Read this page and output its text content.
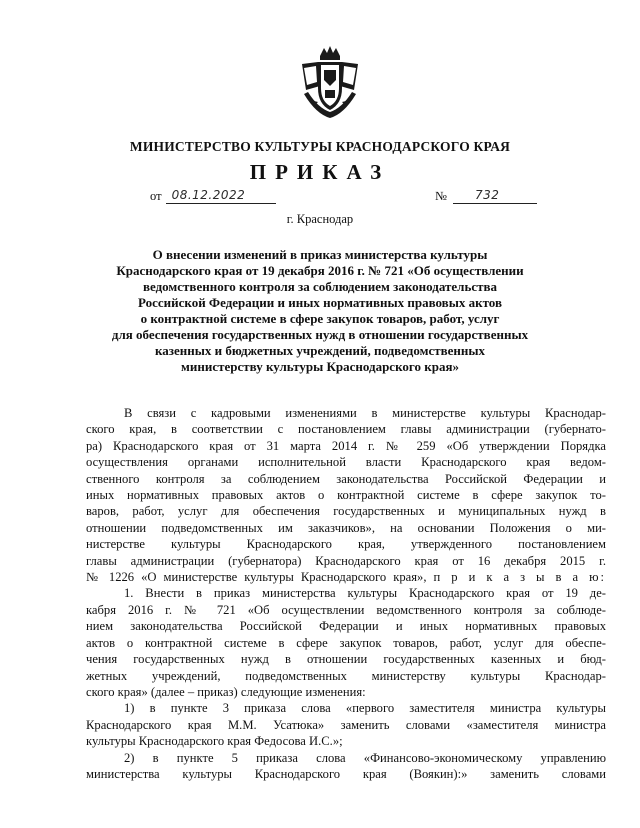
МИНИСТЕРСТВО КУЛЬТУРЫ КРАСНОДАРСКОГО КРАЯ
ПРИКАЗ
от 08.12.2022	№ 732
г. Краснодар
О внесении изменений в приказ министерства культуры
Краснодарского края от 19 декабря 2016 г. № 721 «Об осуществлении
ведомственного контроля за соблюдением законодательства
Российской Федерации и иных нормативных правовых актов
о контрактной системе в сфере закупок товаров, работ, услуг
для обеспечения государственных нужд в отношении государственных
казенных и бюджетных учреждений, подведомственных
министерству культуры Краснодарского края»
В связи с кадровыми изменениями в министерстве культуры Краснодар-
ского края, в соответствии с постановлением главы администрации (губернато-
ра) Краснодарского края от 31 марта 2014 г. № 259 «Об утверждении Порядка
осуществления органами исполнительной власти Краснодарского края ведом-
ственного контроля за соблюдением законодательства Российской Федерации и
иных нормативных правовых актов о контрактной системе в сфере закупок то-
варов, работ, услуг для обеспечения государственных и муниципальных нужд в
отношении подведомственных им заказчиков», на основании Положения о ми-
нистерстве культуры Краснодарского края, утвержденного постановлением
главы администрации (губернатора) Краснодарского края от 16 декабря 2015 г.
№ 1226 «О министерстве культуры Краснодарского края», п р и к а з ы в а ю:
1. Внести в приказ министерства культуры Краснодарского края от 19 де-
кабря 2016 г. № 721 «Об осуществлении ведомственного контроля за соблюде-
нием законодательства Российской Федерации и иных нормативных правовых
актов о контрактной системе в сфере закупок товаров, работ, услуг для обеспе-
чения государственных нужд в отношении государственных казенных и бюд-
жетных учреждений, подведомственных министерству культуры Краснодар-
ского края» (далее – приказ) следующие изменения:
1) в пункте 3 приказа слова «первого заместителя министра культуры
Краснодарского края М.М. Усатюка» заменить словами «заместителя министра
культуры Краснодарского края Федосова И.С.»;
2) в пункте 5 приказа слова «Финансово-экономическому управлению
министерства культуры Краснодарского края (Воякин):» заменить словами
